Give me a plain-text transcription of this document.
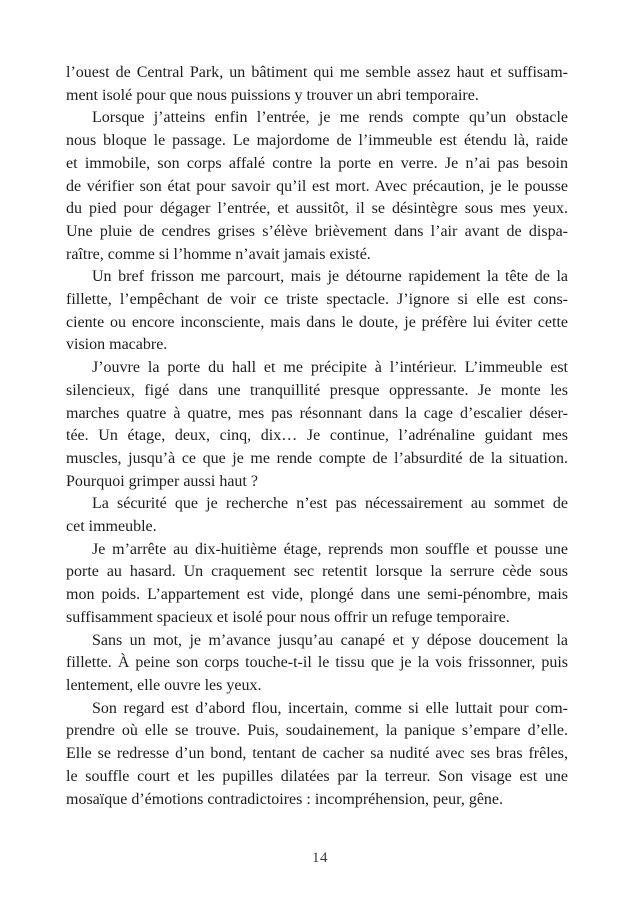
l’ouest de Central Park, un bâtiment qui me semble assez haut et suffisam-
ment isolé pour que nous puissions y trouver un abri temporaire.

Lorsque j’atteins enfin l’entrée, je me rends compte qu’un obstacle
nous bloque le passage. Le majordome de l’immeuble est étendu là, raide
et immobile, son corps affalé contre la porte en verre. Je n’ai pas besoin
de vérifier son état pour savoir qu’il est mort. Avec précaution, je le pousse
du pied pour dégager l’entrée, et aussitôt, il se désintègre sous mes yeux.
Une pluie de cendres grises s’élève brièvement dans l’air avant de dispa-
raître, comme si l’homme n’avait jamais existé.

Un bref frisson me parcourt, mais je détourne rapidement la tête de la
fillette, l’empêchant de voir ce triste spectacle. J’ignore si elle est cons-
ciente ou encore inconsciente, mais dans le doute, je préfère lui éviter cette
vision macabre.

J’ouvre la porte du hall et me précipite à l’intérieur. L’immeuble est
silencieux, figé dans une tranquillité presque oppressante. Je monte les
marches quatre à quatre, mes pas résonnant dans la cage d’escalier déser-
tée. Un étage, deux, cinq, dix… Je continue, l’adrénaline guidant mes
muscles, jusqu’à ce que je me rende compte de l’absurdité de la situation.
Pourquoi grimper aussi haut ?

La sécurité que je recherche n’est pas nécessairement au sommet de
cet immeuble.

Je m’arrête au dix-huitième étage, reprends mon souffle et pousse une
porte au hasard. Un craquement sec retentit lorsque la serrure cède sous
mon poids. L’appartement est vide, plongé dans une semi-pénombre, mais
suffisamment spacieux et isolé pour nous offrir un refuge temporaire.

Sans un mot, je m’avance jusqu’au canapé et y dépose doucement la
fillette. À peine son corps touche-t-il le tissu que je la vois frissonner, puis
lentement, elle ouvre les yeux.

Son regard est d’abord flou, incertain, comme si elle luttait pour com-
prendre où elle se trouve. Puis, soudainement, la panique s’empare d’elle.
Elle se redresse d’un bond, tentant de cacher sa nudité avec ses bras frêles,
le souffle court et les pupilles dilatées par la terreur. Son visage est une
mosaïque d’émotions contradictoires : incompréhension, peur, gêne.

14
